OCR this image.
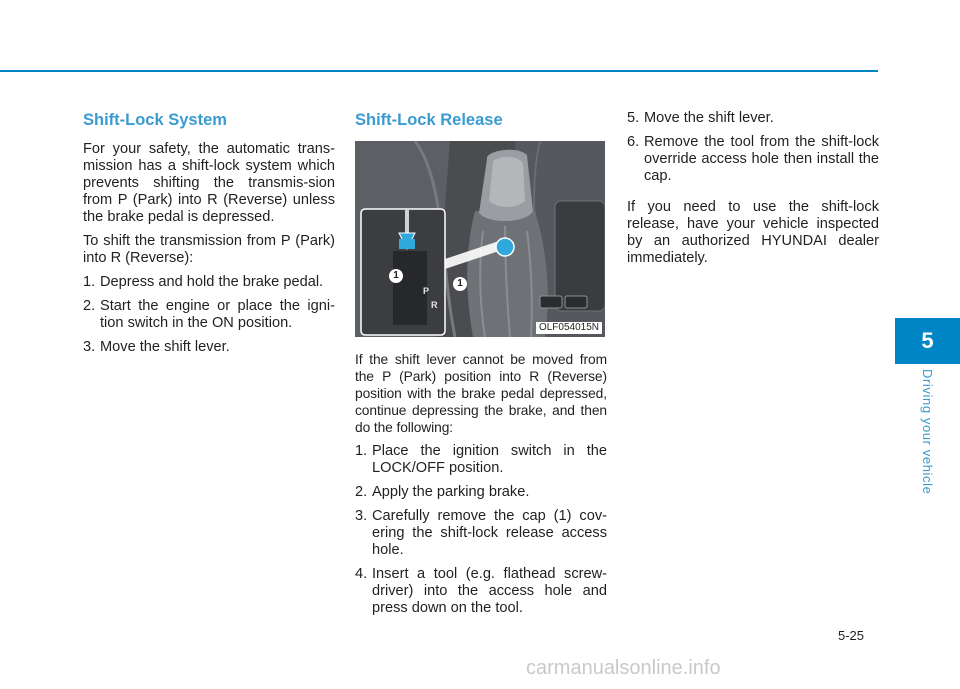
Shift-Lock System

For your safety, the automatic trans-mission has a shift-lock system which prevents shifting the transmis-sion from P (Park) into R (Reverse) unless the brake pedal is depressed.

To shift the transmission from P (Park) into R (Reverse):

1. Depress and hold the brake pedal.
2. Start the engine or place the igni-tion switch in the ON position.
3. Move the shift lever.
Shift-Lock Release
1
1
P
R
OLF054015N

If the shift lever cannot be moved from the P (Park) position into R (Reverse) position with the brake pedal depressed, continue depressing the brake, and then do the following:

1. Place the ignition switch in the LOCK/OFF position.
2. Apply the parking brake.
3. Carefully remove the cap (1) cov-ering the shift-lock release access hole.
4. Insert a tool (e.g. flathead screw-driver) into the access hole and press down on the tool.
5. Move the shift lever.
6. Remove the tool from the shift-lock override access hole then install the cap.

If you need to use the shift-lock release, have your vehicle inspected by an authorized HYUNDAI dealer immediately.

5
Driving your vehicle
5-25
carmanualsonline.info
